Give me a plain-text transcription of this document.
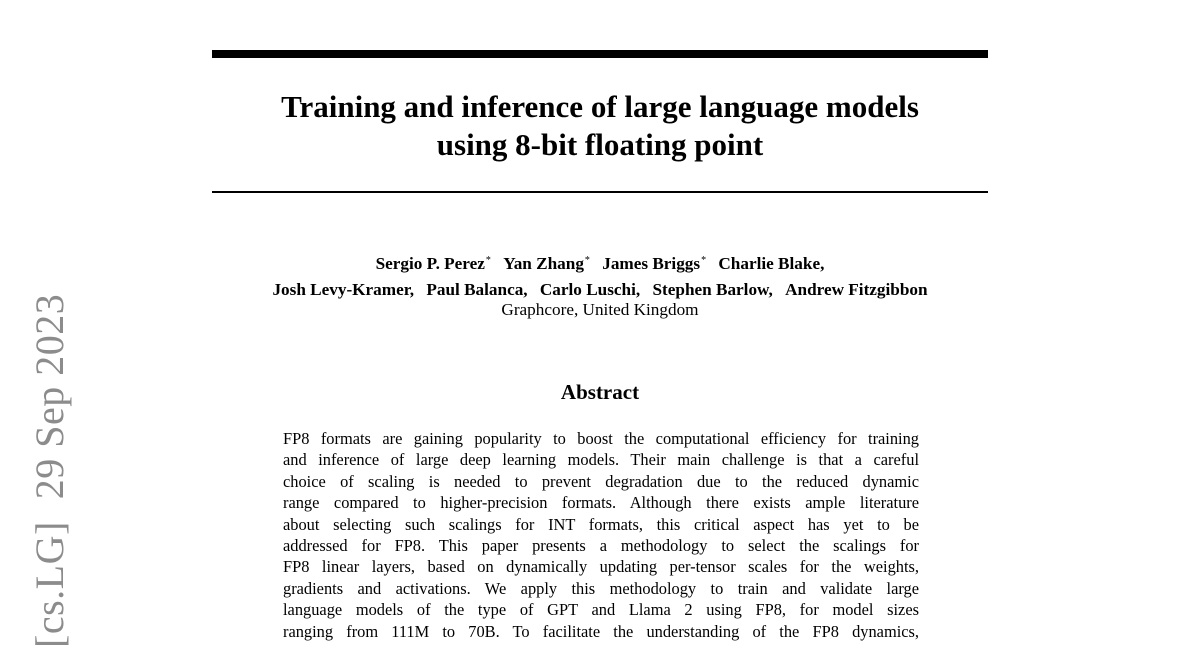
Training and inference of large language models
using 8-bit floating point
Sergio P. Perez* Yan Zhang* James Briggs* Charlie Blake,
Josh Levy-Kramer, Paul Balanca, Carlo Luschi, Stephen Barlow, Andrew Fitzgibbon
Graphcore, United Kingdom
Abstract
FP8 formats are gaining popularity to boost the computational efficiency for training
and inference of large deep learning models. Their main challenge is that a careful
choice of scaling is needed to prevent degradation due to the reduced dynamic
range compared to higher-precision formats. Although there exists ample literature
about selecting such scalings for INT formats, this critical aspect has yet to be
addressed for FP8. This paper presents a methodology to select the scalings for
FP8 linear layers, based on dynamically updating per-tensor scales for the weights,
gradients and activations. We apply this methodology to train and validate large
language models of the type of GPT and Llama 2 using FP8, for model sizes
ranging from 111M to 70B. To facilitate the understanding of the FP8 dynamics,
[cs.LG]29 Sep 2023
